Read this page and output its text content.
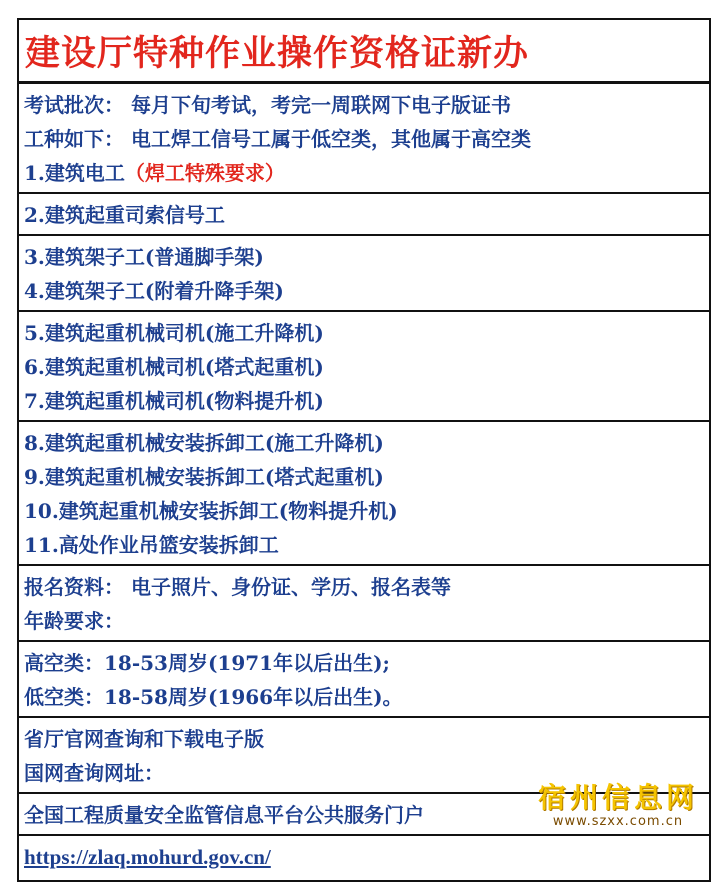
建设厅特种作业操作资格证新办
考试批次： 每月下旬考试，考完一周联网下电子版证书
工种如下： 电工焊工信号工属于低空类，其他属于高空类
1.建筑电工（焊工特殊要求）
2.建筑起重司索信号工
3.建筑架子工(普通脚手架)
4.建筑架子工(附着升降手架)
5.建筑起重机械司机(施工升降机)
6.建筑起重机械司机(塔式起重机)
7.建筑起重机械司机(物料提升机)
8.建筑起重机械安装拆卸工(施工升降机)
9.建筑起重机械安装拆卸工(塔式起重机)
10.建筑起重机械安装拆卸工(物料提升机)
11.高处作业吊篮安装拆卸工
报名资料： 电子照片、身份证、学历、报名表等
年龄要求：
高空类：18-53周岁(1971年以后出生);
低空类：18-58周岁(1966年以后出生)。
省厅官网查询和下载电子版
国网查询网址：
全国工程质量安全监管信息平台公共服务门户
https://zlaq.mohurd.gov.cn/
宿州信息网
www.szxx.com.cn
